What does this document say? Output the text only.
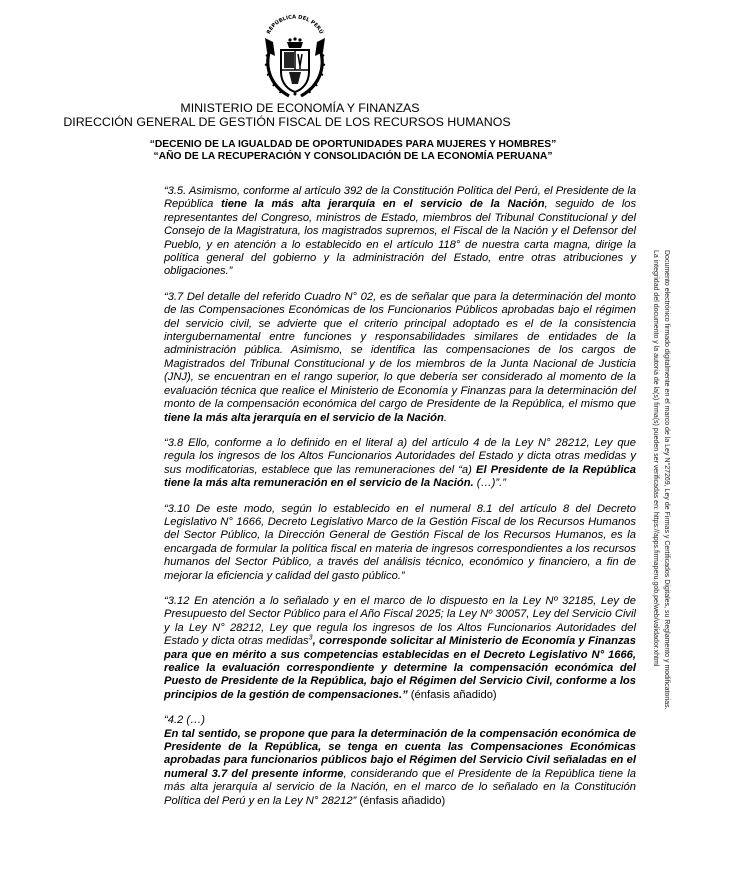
REPÚBLICA DEL PERÚ
MINISTERIO DE ECONOMÍA Y FINANZAS
DIRECCIÓN GENERAL DE GESTIÓN FISCAL DE LOS RECURSOS HUMANOS
“DECENIO DE LA IGUALDAD DE OPORTUNIDADES PARA MUJERES Y HOMBRES”
“AÑO DE LA RECUPERACIÓN Y CONSOLIDACIÓN DE LA ECONOMÍA PERUANA”

“3.5. Asimismo, conforme al artículo 392 de la Constitución Política del Perú, el Presidente de la República tiene la más alta jerarquía en el servicio de la Nación, seguido de los representantes del Congreso, ministros de Estado, miembros del Tribunal Constitucional y del Consejo de la Magistratura, los magistrados supremos, el Fiscal de la Nación y el Defensor del Pueblo, y en atención a lo establecido en el artículo 118° de nuestra carta magna, dirige la política general del gobierno y la administración del Estado, entre otras atribuciones y obligaciones.”

“3.7 Del detalle del referido Cuadro N° 02, es de señalar que para la determinación del monto de las Compensaciones Económicas de los Funcionarios Públicos aprobadas bajo el régimen del servicio civil, se advierte que el criterio principal adoptado es el de la consistencia intergubernamental entre funciones y responsabilidades similares de entidades de la administración pública. Asimismo, se identifica las compensaciones de los cargos de Magistrados del Tribunal Constitucional y de los miembros de la Junta Nacional de Justicia (JNJ), se encuentran en el rango superior, lo que debería ser considerado al momento de la evaluación técnica que realice el Ministerio de Economía y Finanzas para la determinación del monto de la compensación económica del cargo de Presidente de la República, el mismo que tiene la más alta jerarquía en el servicio de la Nación.

“3.8 Ello, conforme a lo definido en el literal a) del artículo 4 de la Ley N° 28212, Ley que regula los ingresos de los Altos Funcionarios Autoridades del Estado y dicta otras medidas y sus modificatorias, establece que las remuneraciones del “a) El Presidente de la República tiene la más alta remuneración en el servicio de la Nación. (…)”.”

“3.10 De este modo, según lo establecido en el numeral 8.1 del artículo 8 del Decreto Legislativo N° 1666, Decreto Legislativo Marco de la Gestión Fiscal de los Recursos Humanos del Sector Público, la Dirección General de Gestión Fiscal de los Recursos Humanos, es la encargada de formular la política fiscal en materia de ingresos correspondientes a los recursos humanos del Sector Público, a través del análisis técnico, económico y financiero, a fin de mejorar la eficiencia y calidad del gasto público.”

“3.12 En atención a lo señalado y en el marco de lo dispuesto en la Ley Nº 32185, Ley de Presupuesto del Sector Público para el Año Fiscal 2025; la Ley Nº 30057, Ley del Servicio Civil y la Ley N° 28212, Ley que regula los ingresos de los Altos Funcionarios Autoridades del Estado y dicta otras medidas$^3$, corresponde solicitar al Ministerio de Economía y Finanzas para que en mérito a sus competencias establecidas en el Decreto Legislativo N° 1666, realice la evaluación correspondiente y determine la compensación económica del Puesto de Presidente de la República, bajo el Régimen del Servicio Civil, conforme a los principios de la gestión de compensaciones.” (énfasis añadido)

“4.2 (…)
En tal sentido, se propone que para la determinación de la compensación económica de Presidente de la República, se tenga en cuenta las Compensaciones Económicas aprobadas para funcionarios públicos bajo el Régimen del Servicio Civil señaladas en el numeral 3.7 del presente informe, considerando que el Presidente de la República tiene la más alta jerarquía al servicio de la Nación, en el marco de lo señalado en la Constitución Política del Perú y en la Ley N° 28212” (énfasis añadido)

Documento electrónico firmado digitalmente en el marco de la Ley N°27269, Ley de Firmas y Certificados Digitales, su Reglamento y modificatorias.
La integridad del documento y la autoría de la(s) firma(s) pueden ser verificadas en: https://apps.firmaperu.gob.pe/web/validador.xhtml
